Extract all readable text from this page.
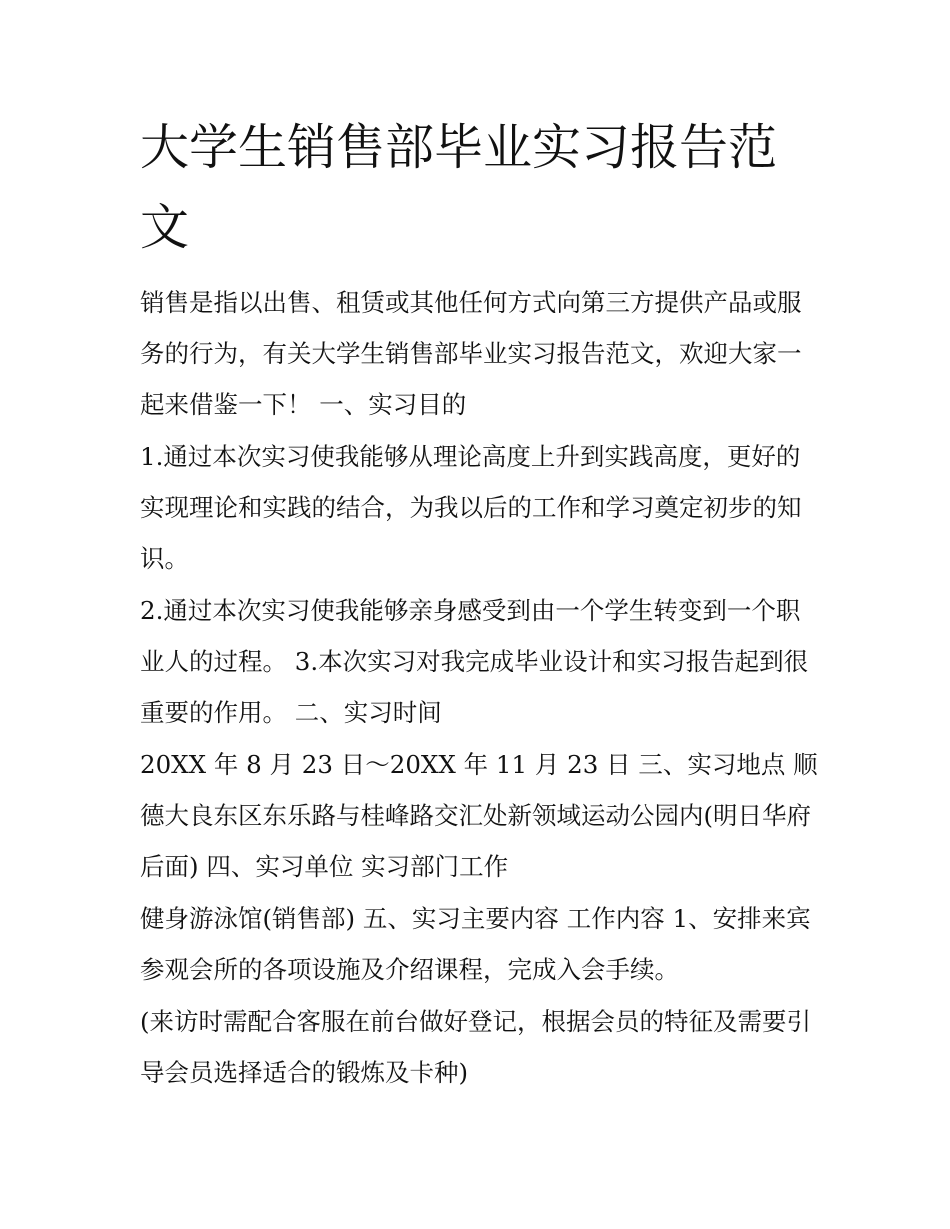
大学生销售部毕业实习报告范文

销售是指以出售、租赁或其他任何方式向第三方提供产品或服务的行为，有关大学生销售部毕业实习报告范文，欢迎大家一起来借鉴一下！ 一、实习目的

1.通过本次实习使我能够从理论高度上升到实践高度，更好的实现理论和实践的结合，为我以后的工作和学习奠定初步的知识。

2.通过本次实习使我能够亲身感受到由一个学生转变到一个职业人的过程。 3.本次实习对我完成毕业设计和实习报告起到很重要的作用。 二、实习时间

20XX 年 8 月 23 日～20XX 年 11 月 23 日 三、实习地点 顺德大良东区东乐路与桂峰路交汇处新领域运动公园内(明日华府后面) 四、实习单位 实习部门工作

健身游泳馆(销售部) 五、实习主要内容 工作内容 1、安排来宾参观会所的各项设施及介绍课程，完成入会手续。

(来访时需配合客服在前台做好登记，根据会员的特征及需要引导会员选择适合的锻炼及卡种)
